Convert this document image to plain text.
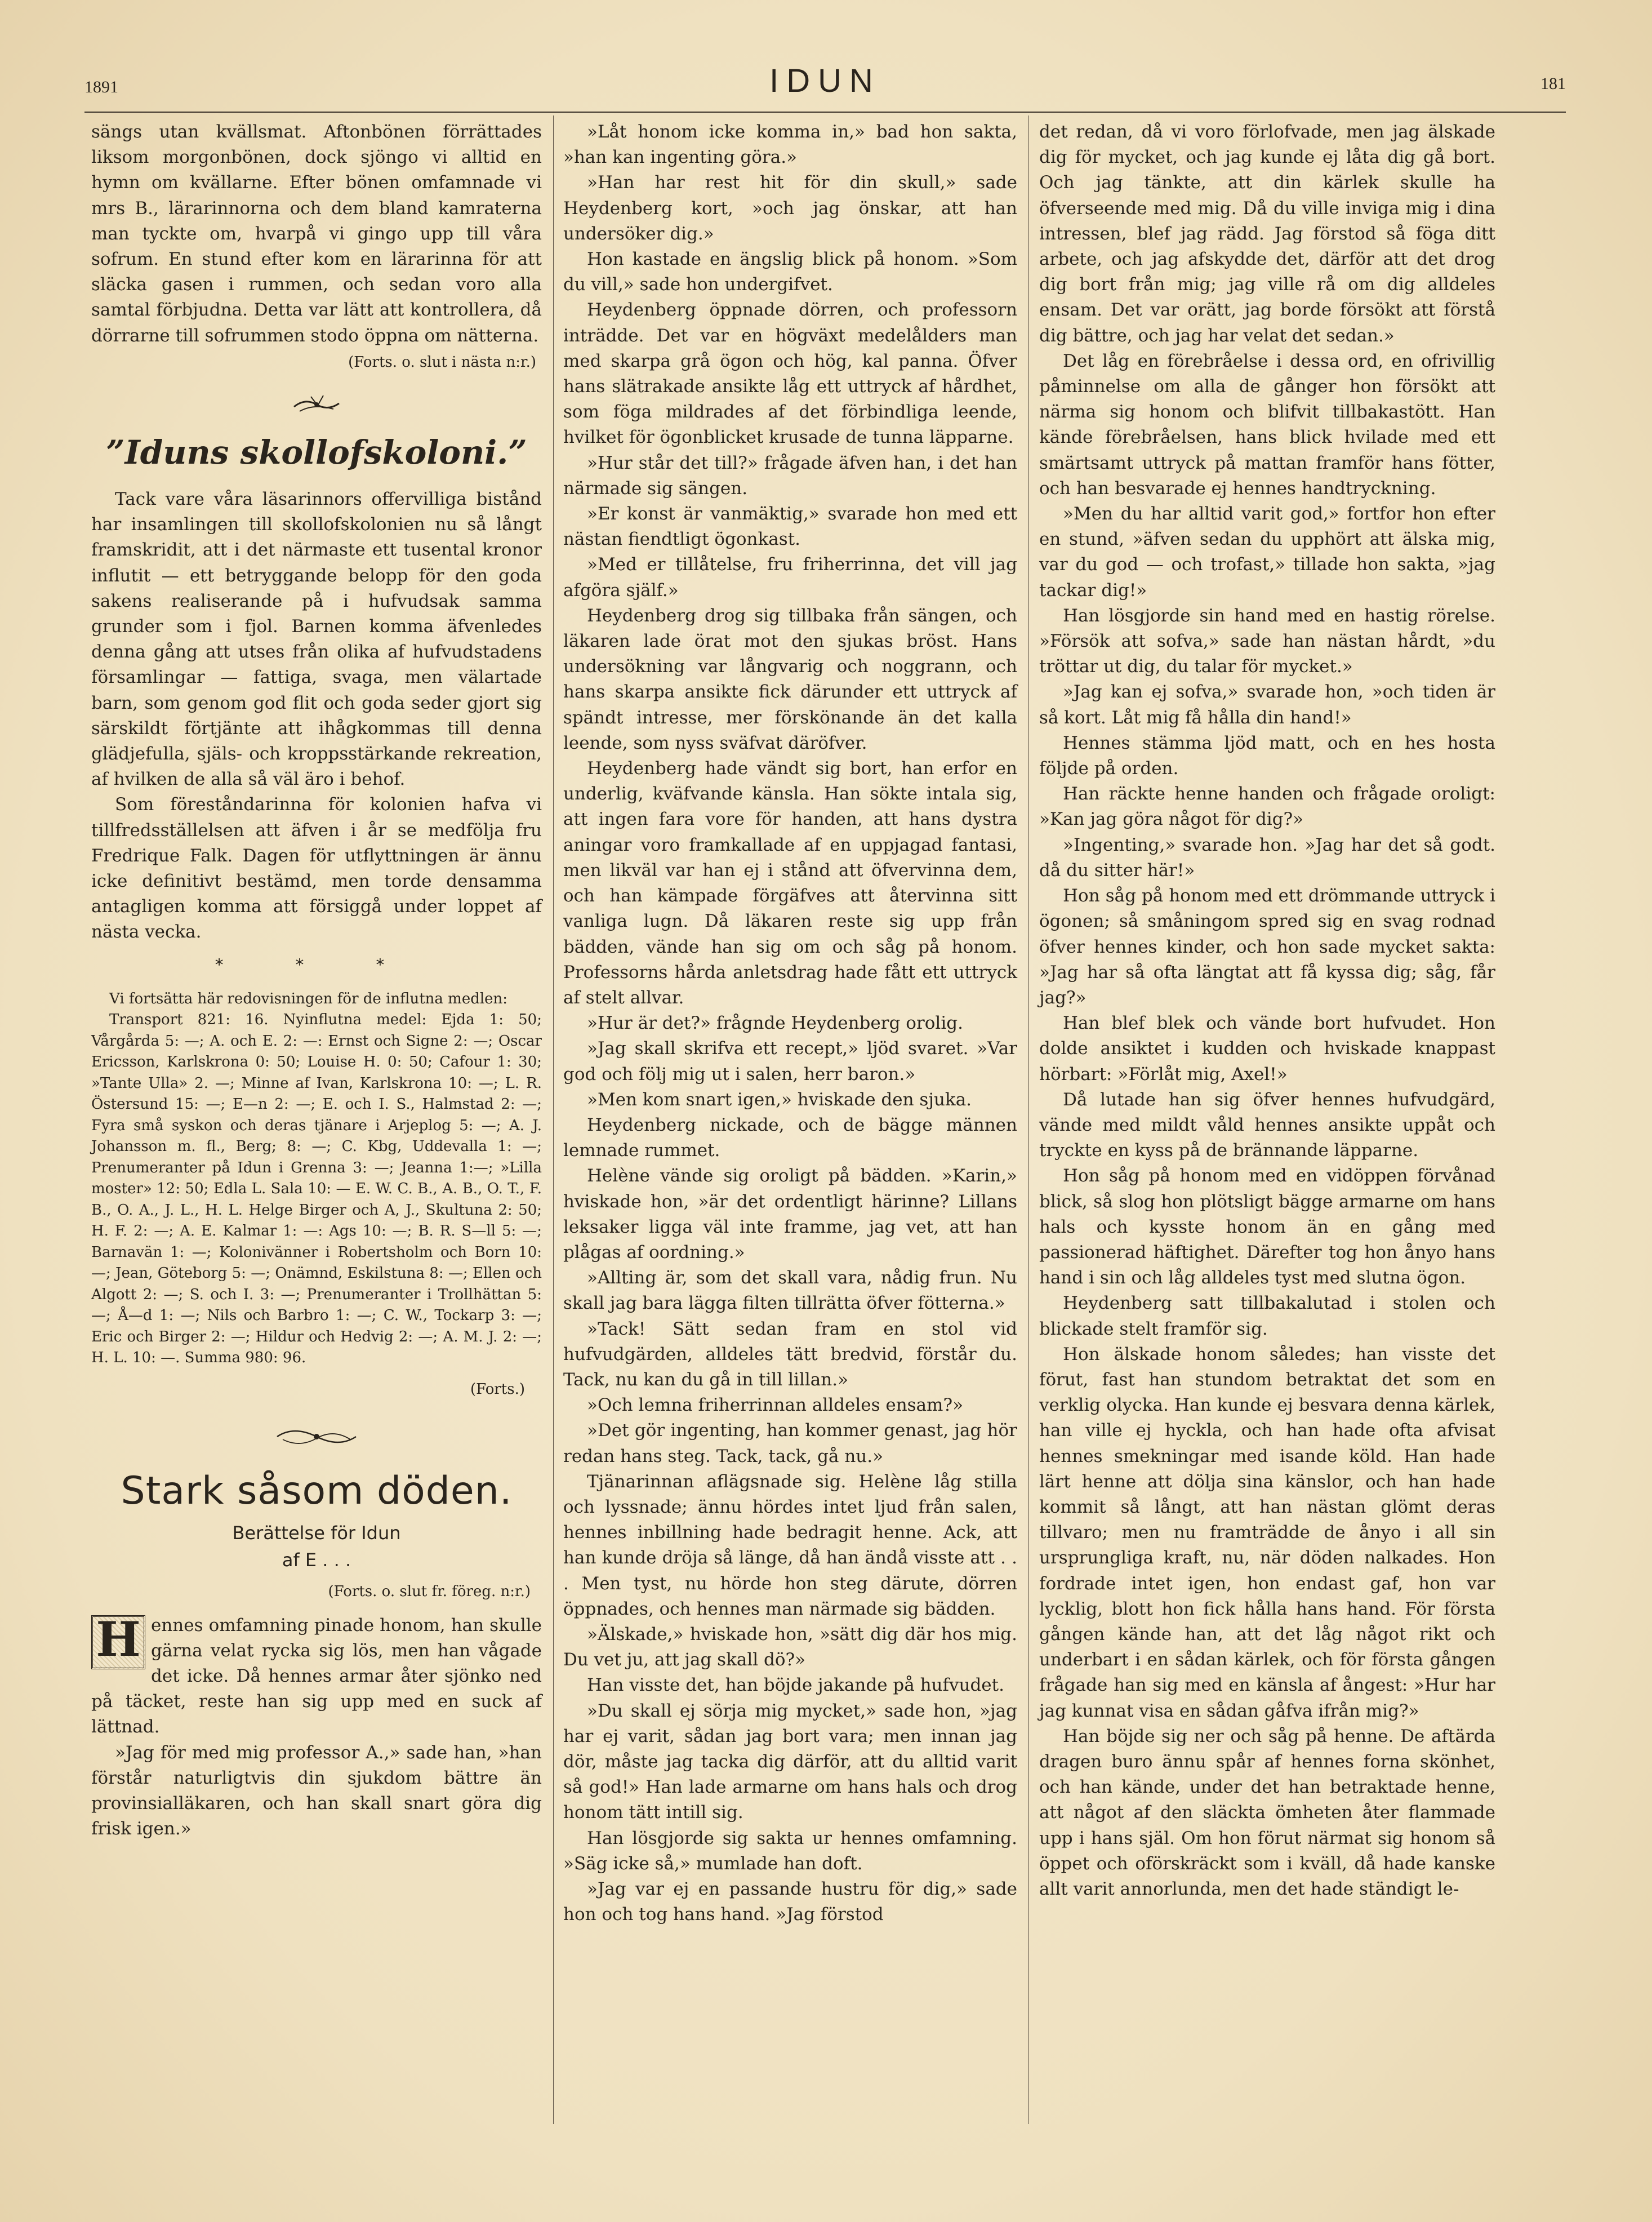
1891	IDUN	181

sängs utan kvällsmat. Aftonbönen förrättades liksom morgonbönen, dock sjöngo vi alltid en hymn om kvällarne. Efter bönen omfamnade vi mrs B., lärarinnorna och dem bland kamraterna man tyckte om, hvarpå vi gingo upp till våra sofrum. En stund efter kom en lärarinna för att släcka gasen i rummen, och sedan voro alla samtal förbjudna. Detta var lätt att kontrollera, då dörrarne till sofrummen stodo öppna om nätterna.

(Forts. o. slut i nästa n:r.)
”Iduns skollofskoloni.”

Tack vare våra läsarinnors offervilliga bistånd har insamlingen till skollofskolonien nu så långt framskridit, att i det närmaste ett tusental kronor influtit — ett betryggande belopp för den goda sakens realiserande på i hufvudsak samma grunder som i fjol. Barnen komma äfvenledes denna gång att utses från olika af hufvudstadens församlingar — fattiga, svaga, men välartade barn, som genom god flit och goda seder gjort sig särskildt förtjänte att ihågkommas till denna glädjefulla, själs- och kroppsstärkande rekreation, af hvilken de alla så väl äro i behof.

Som föreståndarinna för kolonien hafva vi tillfredsställelsen att äfven i år se medfölja fru Fredrique Falk. Dagen för utflyttningen är ännu icke definitivt bestämd, men torde densamma antagligen komma att försiggå under loppet af nästa vecka.

* * *

Vi fortsätta här redovisningen för de influtna medlen:

Transport 821: 16. Nyinflutna medel: Ejda 1: 50; Vårgårda 5: —; A. och E. 2: —: Ernst och Signe 2: —; Oscar Ericsson, Karlskrona 0: 50; Louise H. 0: 50; Cafour 1: 30; »Tante Ulla» 2. —; Minne af Ivan, Karlskrona 10: —; L. R. Östersund 15: —; E—n 2: —; E. och I. S., Halmstad 2: —; Fyra små syskon och deras tjänare i Arjeplog 5: —; A. J. Johansson m. fl., Berg; 8: —; C. Kbg, Uddevalla 1: —; Prenumeranter på Idun i Grenna 3: —; Jeanna 1:—; »Lilla moster» 12: 50; Edla L. Sala 10: — E. W. C. B., A. B., O. T., F. B., O. A., J. L., H. L. Helge Birger och A, J., Skultuna 2: 50; H. F. 2: —; A. E. Kalmar 1: —: Ags 10: —; B. R. S—ll 5: —; Barnavän 1: —; Kolonivänner i Robertsholm och Born 10: —; Jean, Göteborg 5: —; Onämnd, Eskilstuna 8: —; Ellen och Algott 2: —; S. och I. 3: —; Prenumeranter i Trollhättan 5: —; Å—d 1: —; Nils och Barbro 1: —; C. W., Tockarp 3: —; Eric och Birger 2: —; Hildur och Hedvig 2: —; A. M. J. 2: —; H. L. 10: —. Summa 980: 96.

(Forts.)
Stark såsom döden.
Berättelse för Idun
af E . . .
(Forts. o. slut fr. föreg. n:r.)

H ennes omfamning pinade honom, han skulle gärna velat rycka sig lös, men han vågade det icke. Då hennes armar åter sjönko ned på täcket, reste han sig upp med en suck af lättnad.

»Jag för med mig professor A.,» sade han, »han förstår naturligtvis din sjukdom bättre än provinsialläkaren, och han skall snart göra dig frisk igen.»

»Låt honom icke komma in,» bad hon sakta, »han kan ingenting göra.»

»Han har rest hit för din skull,» sade Heydenberg kort, »och jag önskar, att han undersöker dig.»

Hon kastade en ängslig blick på honom. »Som du vill,» sade hon undergifvet.

Heydenberg öppnade dörren, och professorn inträdde. Det var en högväxt medelålders man med skarpa grå ögon och hög, kal panna. Öfver hans slätrakade ansikte låg ett uttryck af hårdhet, som föga mildrades af det förbindliga leende, hvilket för ögonblicket krusade de tunna läpparne.

»Hur står det till?» frågade äfven han, i det han närmade sig sängen.

»Er konst är vanmäktig,» svarade hon med ett nästan fiendtligt ögonkast.

»Med er tillåtelse, fru friherrinna, det vill jag afgöra själf.»

Heydenberg drog sig tillbaka från sängen, och läkaren lade örat mot den sjukas bröst. Hans undersökning var långvarig och noggrann, och hans skarpa ansikte fick därunder ett uttryck af spändt intresse, mer förskönande än det kalla leende, som nyss sväfvat däröfver.

Heydenberg hade vändt sig bort, han erfor en underlig, kväfvande känsla. Han sökte intala sig, att ingen fara vore för handen, att hans dystra aningar voro framkallade af en uppjagad fantasi, men likväl var han ej i stånd att öfvervinna dem, och han kämpade förgäfves att återvinna sitt vanliga lugn. Då läkaren reste sig upp från bädden, vände han sig om och såg på honom. Professorns hårda anletsdrag hade fått ett uttryck af stelt allvar.

»Hur är det?» frågnde Heydenberg orolig.

»Jag skall skrifva ett recept,» ljöd svaret. »Var god och följ mig ut i salen, herr baron.»

»Men kom snart igen,» hviskade den sjuka.

Heydenberg nickade, och de bägge männen lemnade rummet.

Helène vände sig oroligt på bädden. »Karin,» hviskade hon, »är det ordentligt härinne? Lillans leksaker ligga väl inte framme, jag vet, att han plågas af oordning.»

»Allting är, som det skall vara, nådig frun. Nu skall jag bara lägga filten tillrätta öfver fötterna.»

»Tack! Sätt sedan fram en stol vid hufvudgärden, alldeles tätt bredvid, förstår du. Tack, nu kan du gå in till lillan.»

»Och lemna friherrinnan alldeles ensam?»

»Det gör ingenting, han kommer genast, jag hör redan hans steg. Tack, tack, gå nu.»

Tjänarinnan aflägsnade sig. Helène låg stilla och lyssnade; ännu hördes intet ljud från salen, hennes inbillning hade bedragit henne. Ack, att han kunde dröja så länge, då han ändå visste att . . . Men tyst, nu hörde hon steg därute, dörren öppnades, och hennes man närmade sig bädden.

»Älskade,» hviskade hon, »sätt dig där hos mig. Du vet ju, att jag skall dö?»

Han visste det, han böjde jakande på hufvudet.

»Du skall ej sörja mig mycket,» sade hon, »jag har ej varit, sådan jag bort vara; men innan jag dör, måste jag tacka dig därför, att du alltid varit så god!» Han lade armarne om hans hals och drog honom tätt intill sig.

Han lösgjorde sig sakta ur hennes omfamning. »Säg icke så,» mumlade han doft.

»Jag var ej en passande hustru för dig,» sade hon och tog hans hand. »Jag förstod

det redan, då vi voro förlofvade, men jag älskade dig för mycket, och jag kunde ej låta dig gå bort. Och jag tänkte, att din kärlek skulle ha öfverseende med mig. Då du ville inviga mig i dina intressen, blef jag rädd. Jag förstod så föga ditt arbete, och jag afskydde det, därför att det drog dig bort från mig; jag ville rå om dig alldeles ensam. Det var orätt, jag borde försökt att förstå dig bättre, och jag har velat det sedan.»

Det låg en förebråelse i dessa ord, en ofrivillig påminnelse om alla de gånger hon försökt att närma sig honom och blifvit tillbakastött. Han kände förebråelsen, hans blick hvilade med ett smärtsamt uttryck på mattan framför hans fötter, och han besvarade ej hennes handtryckning.

»Men du har alltid varit god,» fortfor hon efter en stund, »äfven sedan du upphört att älska mig, var du god — och trofast,» tillade hon sakta, »jag tackar dig!»

Han lösgjorde sin hand med en hastig rörelse. »Försök att sofva,» sade han nästan hårdt, »du tröttar ut dig, du talar för mycket.»

»Jag kan ej sofva,» svarade hon, »och tiden är så kort. Låt mig få hålla din hand!»

Hennes stämma ljöd matt, och en hes hosta följde på orden.

Han räckte henne handen och frågade oroligt: »Kan jag göra något för dig?»

»Ingenting,» svarade hon. »Jag har det så godt. då du sitter här!»

Hon såg på honom med ett drömmande uttryck i ögonen; så småningom spred sig en svag rodnad öfver hennes kinder, och hon sade mycket sakta: »Jag har så ofta längtat att få kyssa dig; såg, får jag?»

Han blef blek och vände bort hufvudet. Hon dolde ansiktet i kudden och hviskade knappast hörbart: »Förlåt mig, Axel!»

Då lutade han sig öfver hennes hufvudgärd, vände med mildt våld hennes ansikte uppåt och tryckte en kyss på de brännande läpparne.

Hon såg på honom med en vidöppen förvånad blick, så slog hon plötsligt bägge armarne om hans hals och kysste honom än en gång med passionerad häftighet. Därefter tog hon ånyo hans hand i sin och låg alldeles tyst med slutna ögon.

Heydenberg satt tillbakalutad i stolen och blickade stelt framför sig.

Hon älskade honom således; han visste det förut, fast han stundom betraktat det som en verklig olycka. Han kunde ej besvara denna kärlek, han ville ej hyckla, och han hade ofta afvisat hennes smekningar med isande köld. Han hade lärt henne att dölja sina känslor, och han hade kommit så långt, att han nästan glömt deras tillvaro; men nu framträdde de ånyo i all sin ursprungliga kraft, nu, när döden nalkades. Hon fordrade intet igen, hon endast gaf, hon var lycklig, blott hon fick hålla hans hand. För första gången kände han, att det låg något rikt och underbart i en sådan kärlek, och för första gången frågade han sig med en känsla af ångest: »Hur har jag kunnat visa en sådan gåfva ifrån mig?»

Han böjde sig ner och såg på henne. De aftärda dragen buro ännu spår af hennes forna skönhet, och han kände, under det han betraktade henne, att något af den släckta ömheten åter flammade upp i hans själ. Om hon förut närmat sig honom så öppet och oförskräckt som i kväll, då hade kanske allt varit annorlunda, men det hade ständigt le-
